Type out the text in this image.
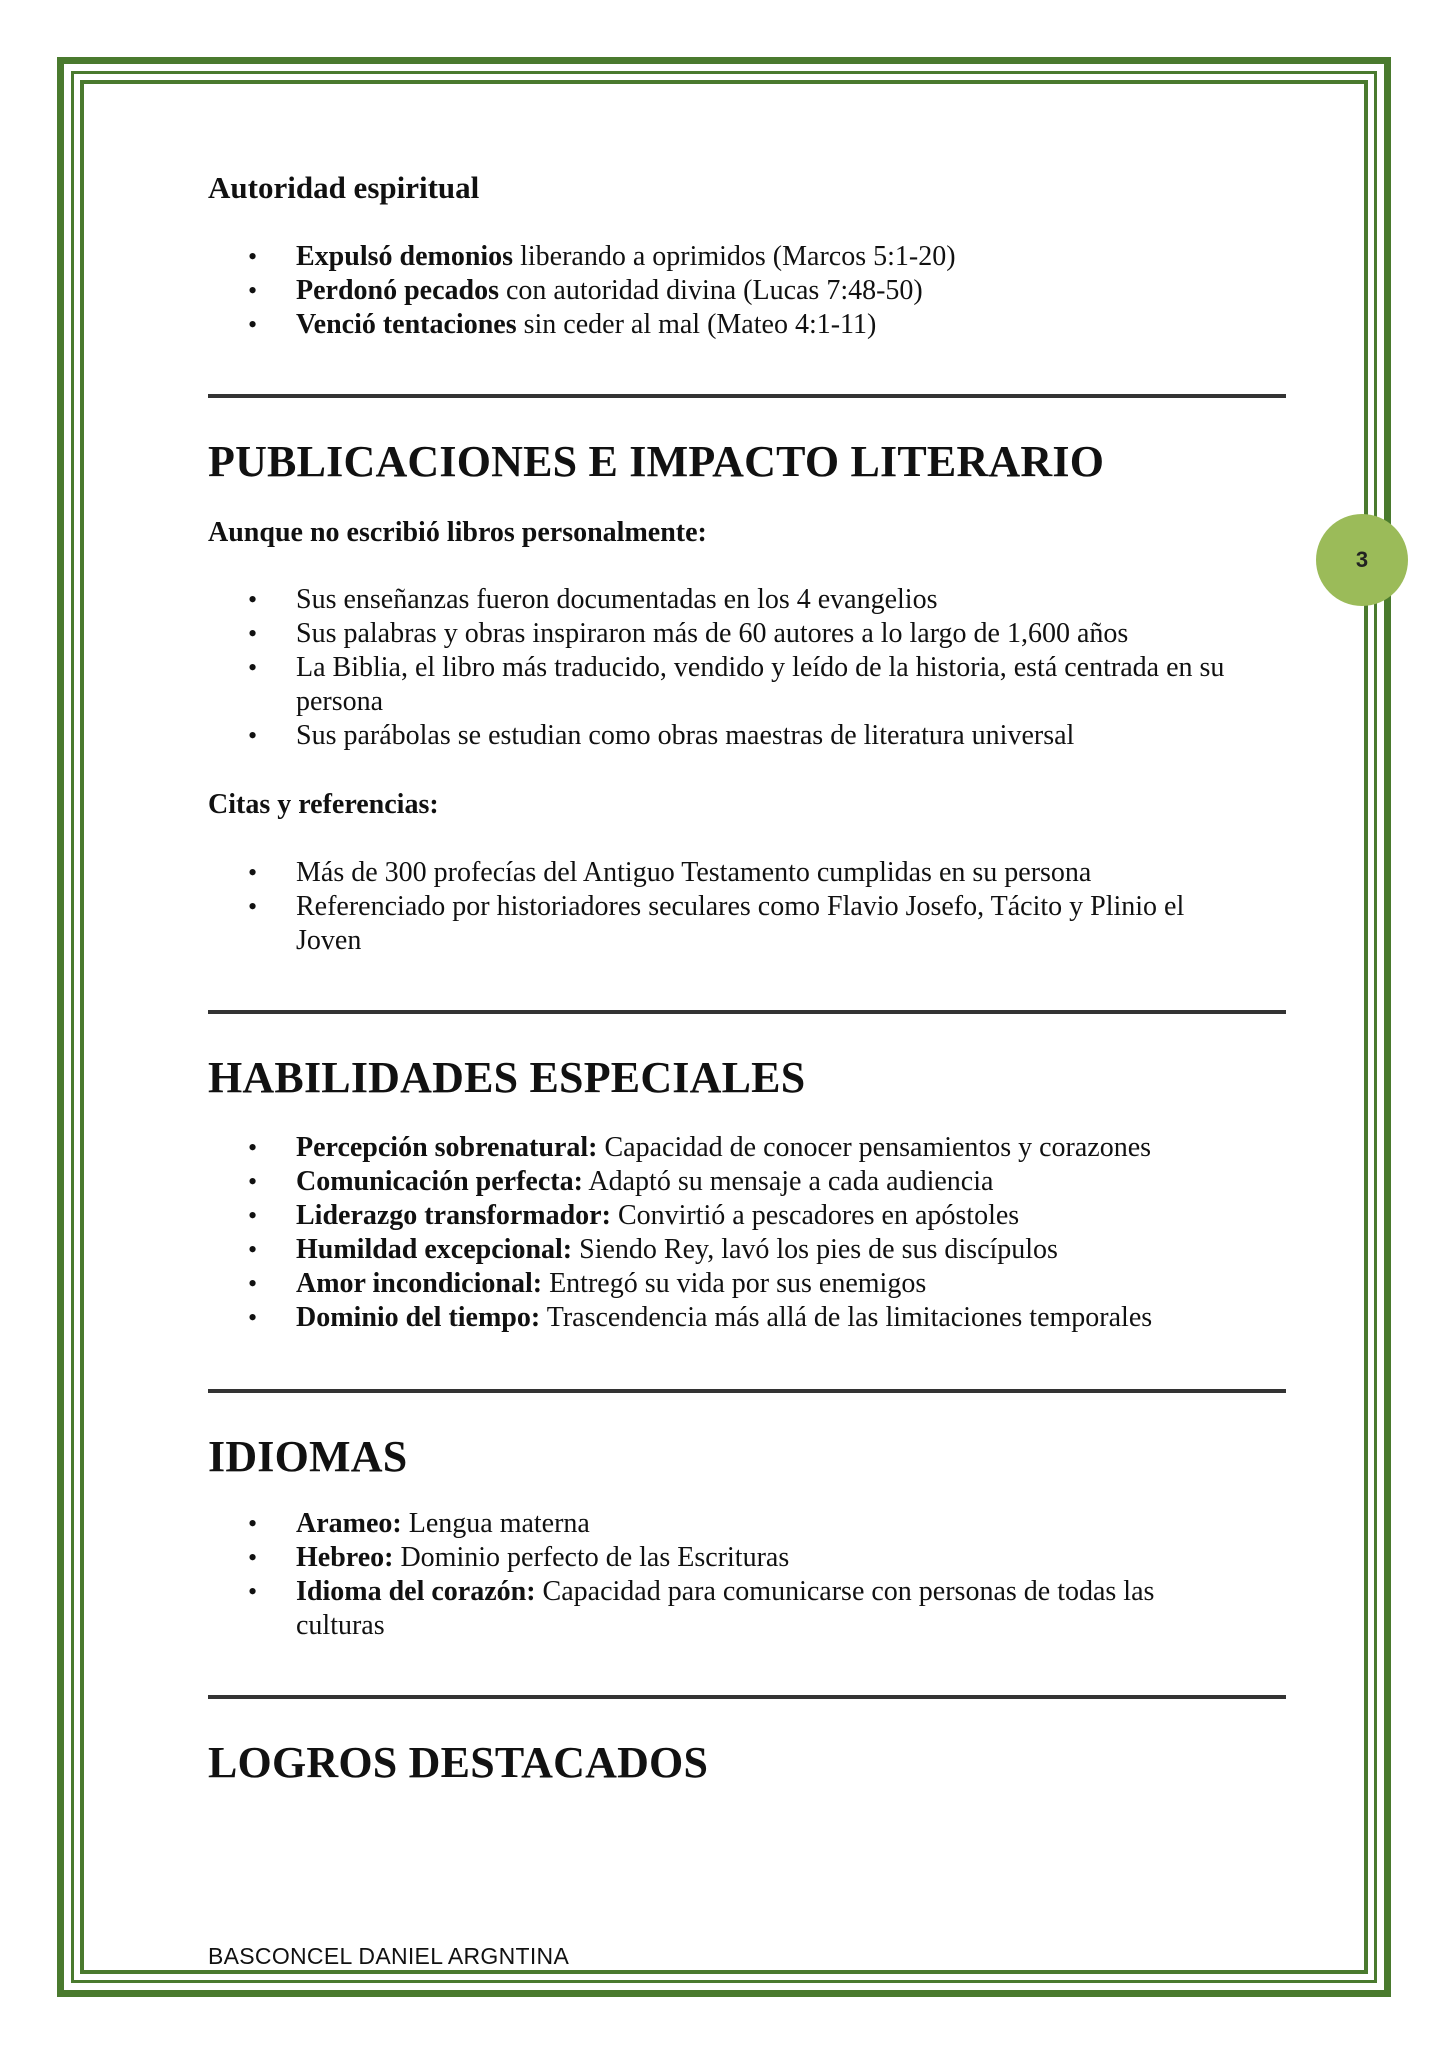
3

Autoridad espiritual

• Expulsó demonios liberando a oprimidos (Marcos 5:1-20)
• Perdonó pecados con autoridad divina (Lucas 7:48-50)
• Venció tentaciones sin ceder al mal (Mateo 4:1-11)
PUBLICACIONES E IMPACTO LITERARIO

Aunque no escribió libros personalmente:

• Sus enseñanzas fueron documentadas en los 4 evangelios
• Sus palabras y obras inspiraron más de 60 autores a lo largo de 1,600 años
• La Biblia, el libro más traducido, vendido y leído de la historia, está centrada en su persona
• Sus parábolas se estudian como obras maestras de literatura universal

Citas y referencias:

• Más de 300 profecías del Antiguo Testamento cumplidas en su persona
• Referenciado por historiadores seculares como Flavio Josefo, Tácito y Plinio el Joven
HABILIDADES ESPECIALES
• Percepción sobrenatural: Capacidad de conocer pensamientos y corazones
• Comunicación perfecta: Adaptó su mensaje a cada audiencia
• Liderazgo transformador: Convirtió a pescadores en apóstoles
• Humildad excepcional: Siendo Rey, lavó los pies de sus discípulos
• Amor incondicional: Entregó su vida por sus enemigos
• Dominio del tiempo: Trascendencia más allá de las limitaciones temporales
IDIOMAS
• Arameo: Lengua materna
• Hebreo: Dominio perfecto de las Escrituras
• Idioma del corazón: Capacidad para comunicarse con personas de todas las culturas
LOGROS DESTACADOS
BASCONCEL DANIEL ARGNTINA
